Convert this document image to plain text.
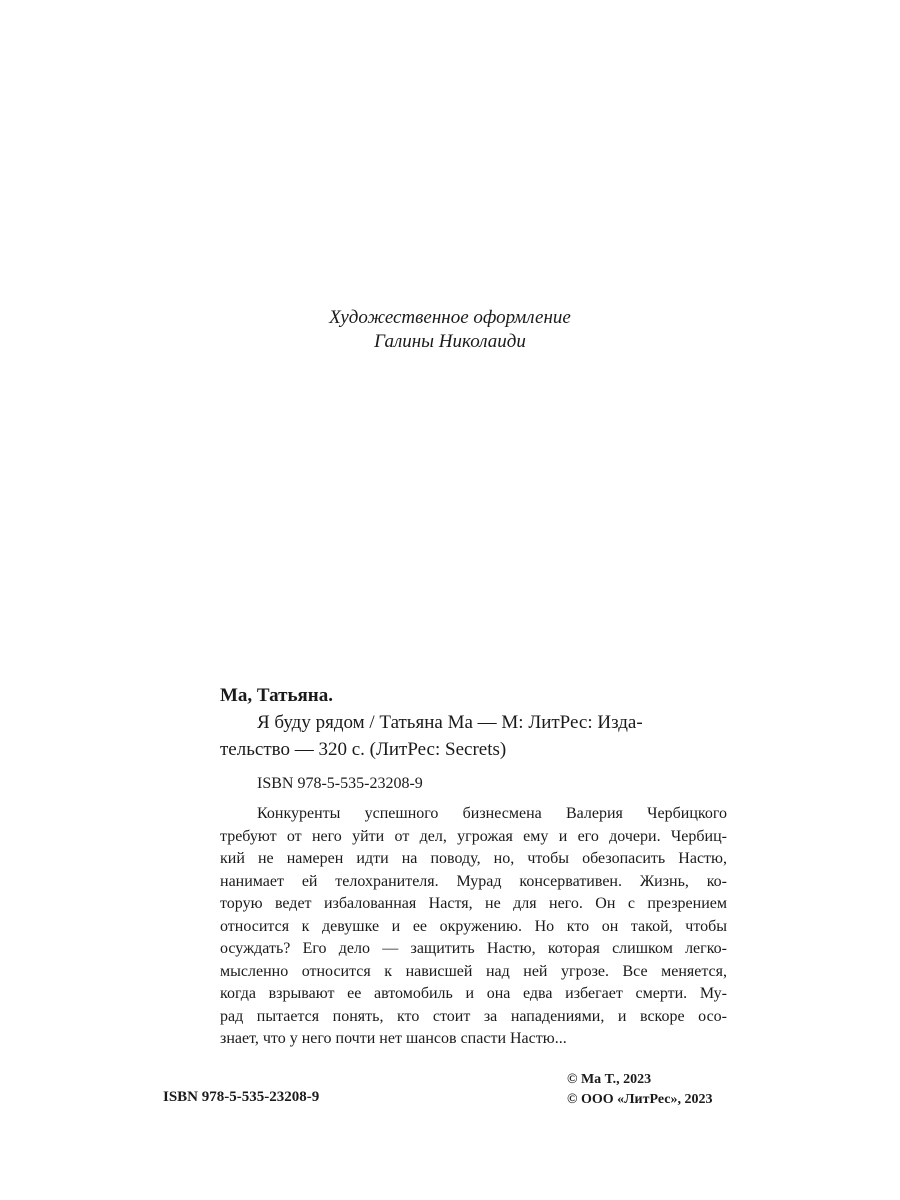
Художественное оформление
Галины Николаиди
Ма, Татьяна.
Я буду рядом / Татьяна Ма — М: ЛитРес: Изда-
тельство — 320 с. (ЛитРес: Secrets)
ISBN 978-5-535-23208-9
Конкуренты успешного бизнесмена Валерия Чербицкого
требуют от него уйти от дел, угрожая ему и его дочери. Чербиц-
кий не намерен идти на поводу, но, чтобы обезопасить Настю,
нанимает ей телохранителя. Мурад консервативен. Жизнь, ко-
торую ведет избалованная Настя, не для него. Он с презрением
относится к девушке и ее окружению. Но кто он такой, чтобы
осуждать? Его дело — защитить Настю, которая слишком легко-
мысленно относится к нависшей над ней угрозе. Все меняется,
когда взрывают ее автомобиль и она едва избегает смерти. Му-
рад пытается понять, кто стоит за нападениями, и вскоре осо-
знает, что у него почти нет шансов спасти Настю...
ISBN 978-5-535-23208-9
© Ма Т., 2023
© ООО «ЛитРес», 2023
